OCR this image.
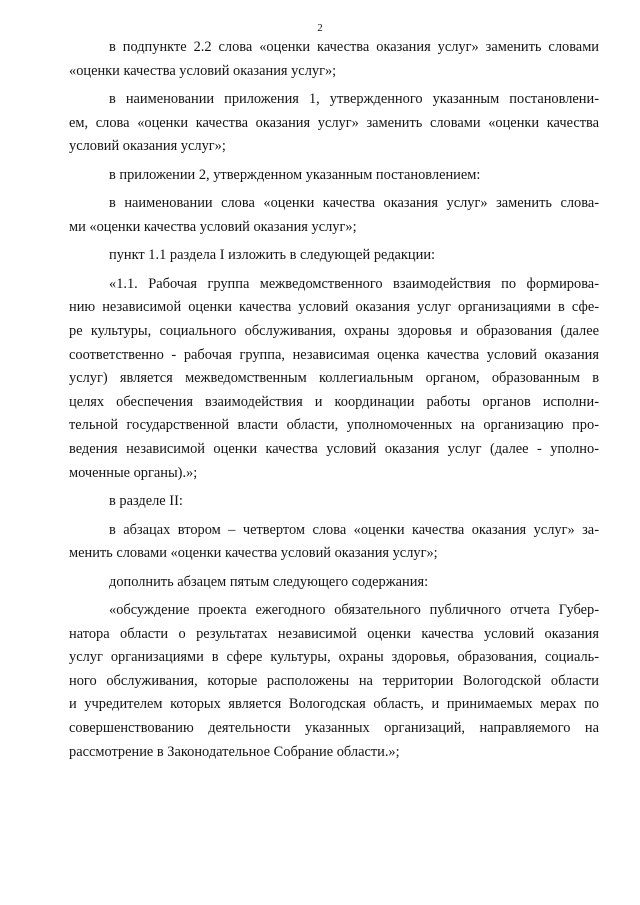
2

в подпункте 2.2 слова «оценки качества оказания услуг» заменить словами
«оценки качества условий оказания услуг»;

в наименовании приложения 1, утвержденного указанным постановлени-
ем, слова «оценки качества оказания услуг» заменить словами «оценки качества
условий оказания услуг»;

в приложении 2, утвержденном указанным постановлением:

в наименовании слова «оценки качества оказания услуг» заменить слова-
ми «оценки качества условий оказания услуг»;

пункт 1.1 раздела I изложить в следующей редакции:

«1.1. Рабочая группа межведомственного взаимодействия по формирова-
нию независимой оценки качества условий оказания услуг организациями в сфе-
ре культуры, социального обслуживания, охраны здоровья и образования (далее
соответственно - рабочая группа, независимая оценка качества условий оказания
услуг) является межведомственным коллегиальным органом, образованным в
целях обеспечения взаимодействия и координации работы органов исполни-
тельной государственной власти области, уполномоченных на организацию про-
ведения независимой оценки качества условий оказания услуг (далее - уполно-
моченные органы).»;

в разделе II:

в абзацах втором – четвертом слова «оценки качества оказания услуг» за-
менить словами «оценки качества условий оказания услуг»;

дополнить абзацем пятым следующего содержания:

«обсуждение проекта ежегодного обязательного публичного отчета Губер-
натора области о результатах независимой оценки качества условий оказания
услуг организациями в сфере культуры, охраны здоровья, образования, социаль-
ного обслуживания, которые расположены на территории Вологодской области
и учредителем которых является Вологодская область, и принимаемых мерах по
совершенствованию деятельности указанных организаций, направляемого на
рассмотрение в Законодательное Собрание области.»;
